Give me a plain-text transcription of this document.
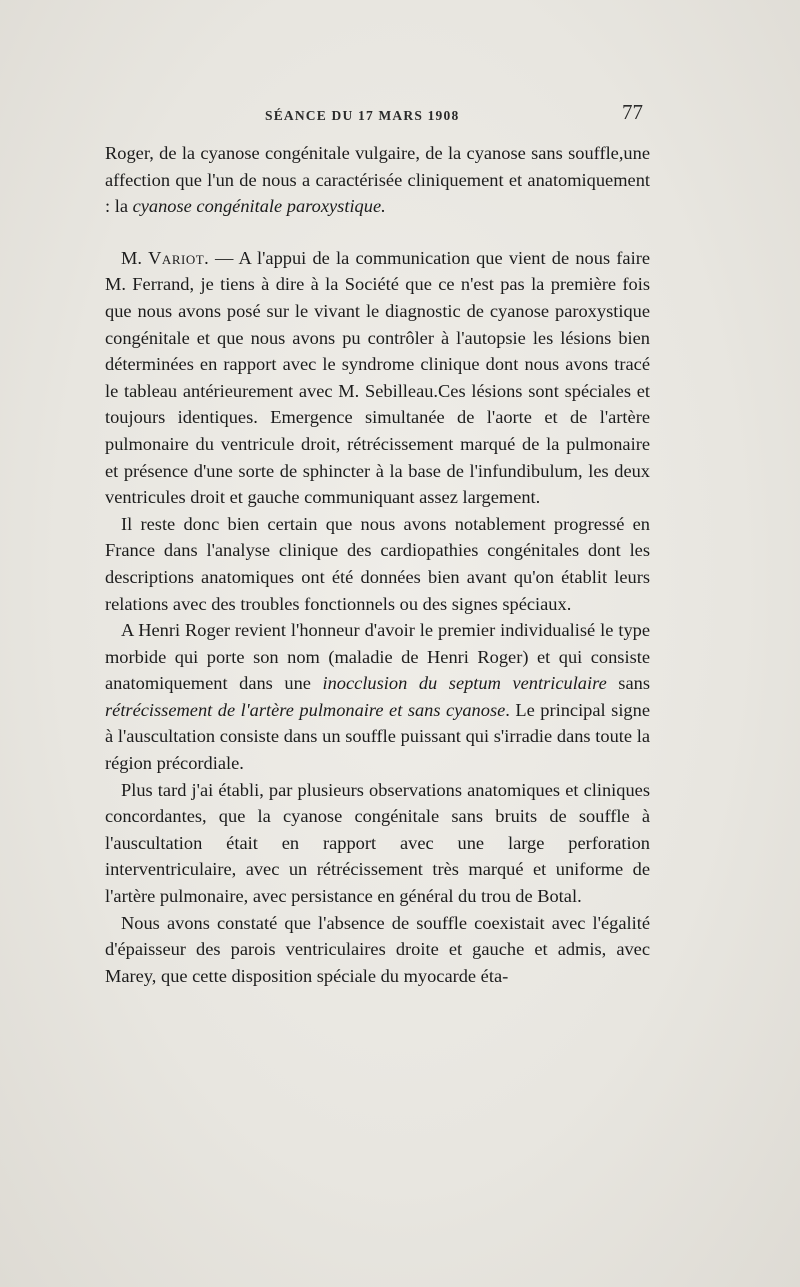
SÉANCE DU 17 MARS 1908	77

Roger, de la cyanose congénitale vulgaire, de la cyanose sans souffle,une affection que l'un de nous a caractérisée cliniquement et anatomiquement : la cyanose congénitale paroxystique.

M. Variot. — A l'appui de la communication que vient de nous faire M. Ferrand, je tiens à dire à la Société que ce n'est pas la première fois que nous avons posé sur le vivant le diagnostic de cyanose paroxystique congénitale et que nous avons pu contrôler à l'autopsie les lésions bien déterminées en rapport avec le syndrome clinique dont nous avons tracé le tableau antérieurement avec M. Sebilleau.Ces lésions sont spéciales et toujours identiques. Emergence simultanée de l'aorte et de l'artère pulmonaire du ventricule droit, rétrécissement marqué de la pulmonaire et présence d'une sorte de sphincter à la base de l'infundibulum, les deux ventricules droit et gauche communiquant assez largement.

Il reste donc bien certain que nous avons notablement progressé en France dans l'analyse clinique des cardiopathies congénitales dont les descriptions anatomiques ont été données bien avant qu'on établit leurs relations avec des troubles fonctionnels ou des signes spéciaux.

A Henri Roger revient l'honneur d'avoir le premier individualisé le type morbide qui porte son nom (maladie de Henri Roger) et qui consiste anatomiquement dans une inocclusion du septum ventriculaire sans rétrécissement de l'artère pulmonaire et sans cyanose. Le principal signe à l'auscultation consiste dans un souffle puissant qui s'irradie dans toute la région précordiale.

Plus tard j'ai établi, par plusieurs observations anatomiques et cliniques concordantes, que la cyanose congénitale sans bruits de souffle à l'auscultation était en rapport avec une large perforation interventriculaire, avec un rétrécissement très marqué et uniforme de l'artère pulmonaire, avec persistance en général du trou de Botal.

Nous avons constaté que l'absence de souffle coexistait avec l'égalité d'épaisseur des parois ventriculaires droite et gauche et admis, avec Marey, que cette disposition spéciale du myocarde éta-
